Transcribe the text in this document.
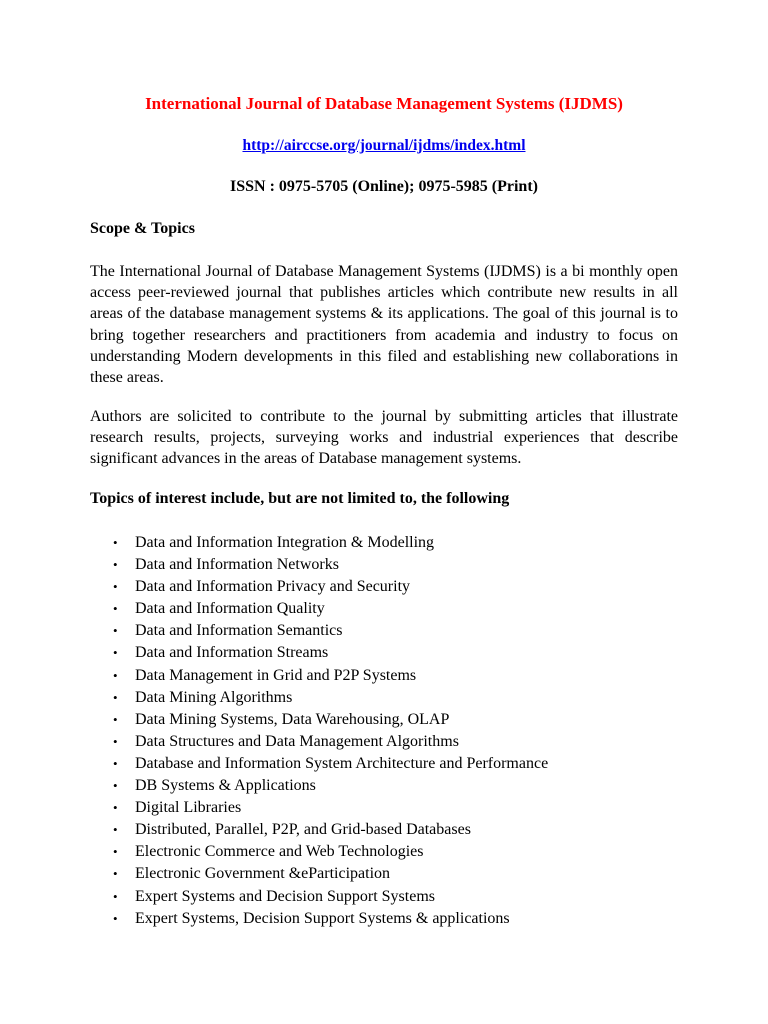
International Journal of Database Management Systems (IJDMS)
http://airccse.org/journal/ijdms/index.html
ISSN : 0975-5705 (Online); 0975-5985 (Print)
Scope & Topics

The International Journal of Database Management Systems (IJDMS) is a bi monthly open access peer-reviewed journal that publishes articles which contribute new results in all areas of the database management systems & its applications. The goal of this journal is to bring together researchers and practitioners from academia and industry to focus on understanding Modern developments in this filed and establishing new collaborations in these areas.

Authors are solicited to contribute to the journal by submitting articles that illustrate research results, projects, surveying works and industrial experiences that describe significant advances in the areas of Database management systems.

Topics of interest include, but are not limited to, the following
• Data and Information Integration & Modelling
• Data and Information Networks
• Data and Information Privacy and Security
• Data and Information Quality
• Data and Information Semantics
• Data and Information Streams
• Data Management in Grid and P2P Systems
• Data Mining Algorithms
• Data Mining Systems, Data Warehousing, OLAP
• Data Structures and Data Management Algorithms
• Database and Information System Architecture and Performance
• DB Systems & Applications
• Digital Libraries
• Distributed, Parallel, P2P, and Grid-based Databases
• Electronic Commerce and Web Technologies
• Electronic Government &eParticipation
• Expert Systems and Decision Support Systems
• Expert Systems, Decision Support Systems & applications
